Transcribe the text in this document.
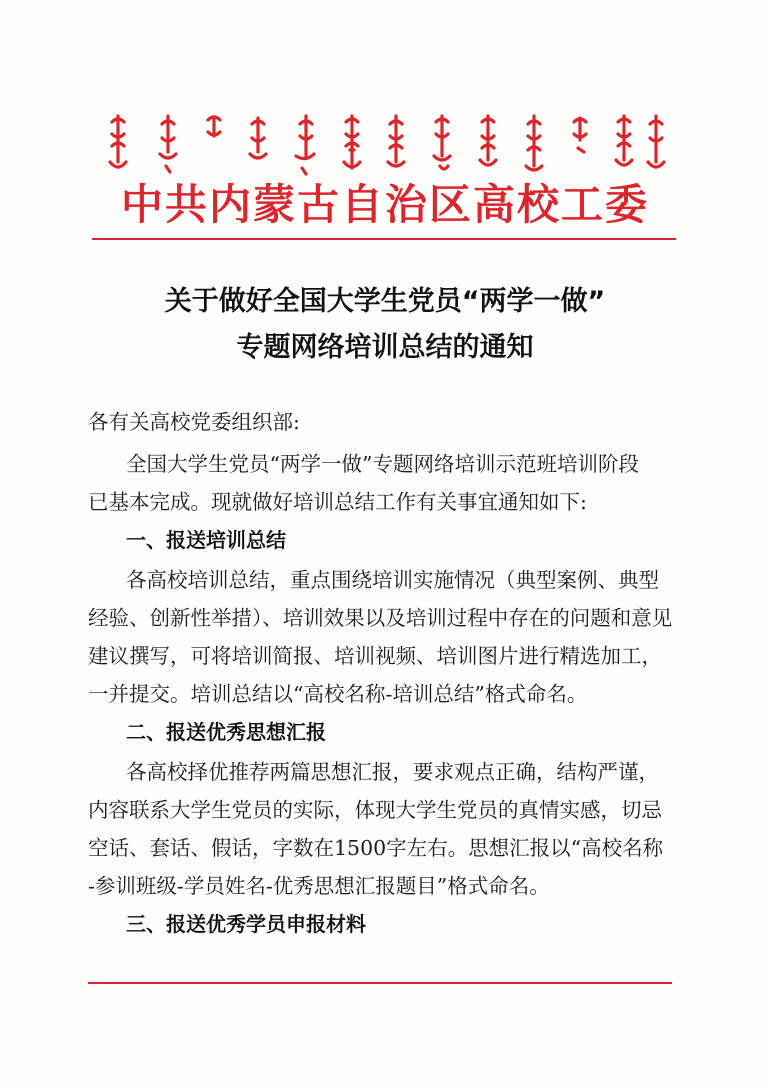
中共内蒙古自治区高校工委
关于做好全国大学生党员“两学一做”
专题网络培训总结的通知
各有关高校党委组织部:
全国大学生党员“两学一做”专题网络培训示范班培训阶段
已基本完成。现就做好培训总结工作有关事宜通知如下:
一、报送培训总结
各高校培训总结，重点围绕培训实施情况（典型案例、典型
经验、创新性举措）、培训效果以及培训过程中存在的问题和意见
建议撰写，可将培训简报、培训视频、培训图片进行精选加工，
一并提交。培训总结以“高校名称-培训总结”格式命名。
二、报送优秀思想汇报
各高校择优推荐两篇思想汇报，要求观点正确，结构严谨，
内容联系大学生党员的实际，体现大学生党员的真情实感，切忌
空话、套话、假话，字数在1500字左右。思想汇报以“高校名称
-参训班级-学员姓名-优秀思想汇报题目”格式命名。
三、报送优秀学员申报材料
